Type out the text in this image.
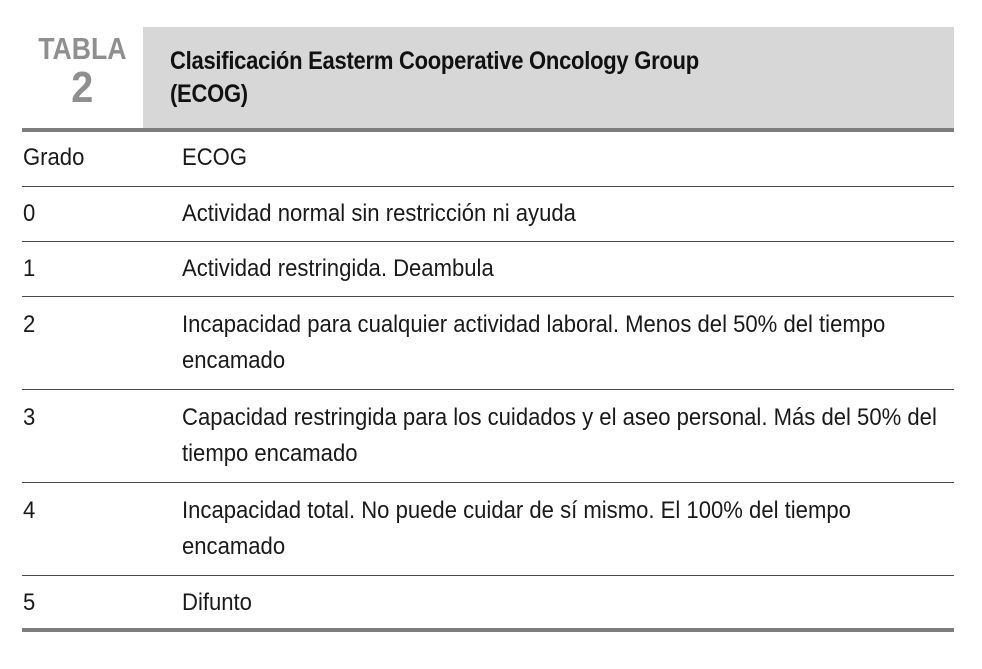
TABLA
2
Clasificación Easterm Cooperative Oncology Group
(ECOG)
Grado	ECOG

0	Actividad normal sin restricción ni ayuda

1	Actividad restringida. Deambula

2	Incapacidad para cualquier actividad laboral. Menos del 50% del tiempo encamado

3	Capacidad restringida para los cuidados y el aseo personal. Más del 50% del tiempo encamado

4	Incapacidad total. No puede cuidar de sí mismo. El 100% del tiempo encamado

5	Difunto
